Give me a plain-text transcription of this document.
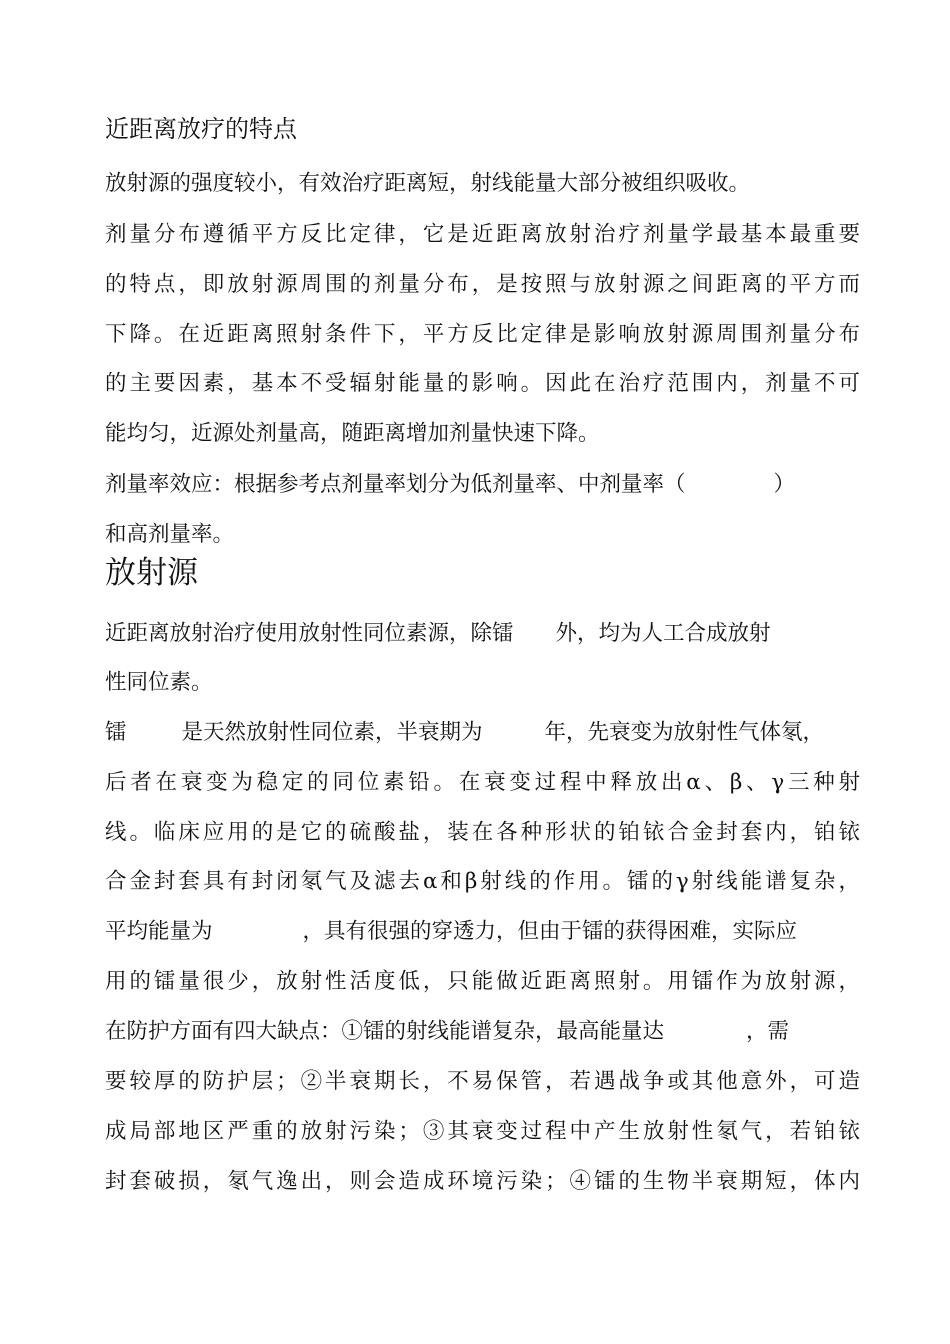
近距离放疗的特点

放射源的强度较小，有效治疗距离短，射线能量大部分被组织吸收。

剂量分布遵循平方反比定律，它是近距离放射治疗剂量学最基本最重要

的特点，即放射源周围的剂量分布，是按照与放射源之间距离的平方而

下降。在近距离照射条件下，平方反比定律是影响放射源周围剂量分布

的主要因素，基本不受辐射能量的影响。因此在治疗范围内，剂量不可

能均匀，近源处剂量高，随距离增加剂量快速下降。

剂量率效应：根据参考点剂量率划分为低剂量率、中剂量率（	）

和高剂量率。

放射源

近距离放射治疗使用放射性同位素源，除镭 外，均为人工合成放射

性同位素。

镭	是天然放射性同位素，半衰期为	年，先衰变为放射性气体氡，

后者在衰变为稳定的同位素铅。在衰变过程中释放出α、β、γ三种射

线。临床应用的是它的硫酸盐，装在各种形状的铂铱合金封套内，铂铱

合金封套具有封闭氡气及滤去α和β射线的作用。镭的γ射线能谱复杂，

平均能量为	，具有很强的穿透力，但由于镭的获得困难，实际应

用的镭量很少，放射性活度低，只能做近距离照射。用镭作为放射源，

在防护方面有四大缺点：①镭的射线能谱复杂，最高能量达	，需

要较厚的防护层；②半衰期长，不易保管，若遇战争或其他意外，可造

成局部地区严重的放射污染；③其衰变过程中产生放射性氡气，若铂铱

封套破损，氡气逸出，则会造成环境污染；④镭的生物半衰期短，体内
